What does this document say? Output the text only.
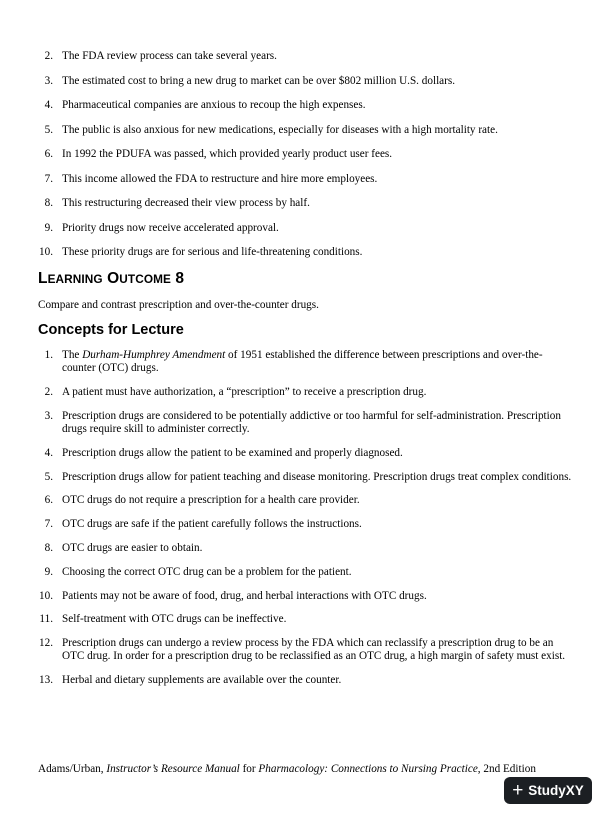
2. The FDA review process can take several years.
3. The estimated cost to bring a new drug to market can be over $802 million U.S. dollars.
4. Pharmaceutical companies are anxious to recoup the high expenses.
5. The public is also anxious for new medications, especially for diseases with a high mortality rate.
6. In 1992 the PDUFA was passed, which provided yearly product user fees.
7. This income allowed the FDA to restructure and hire more employees.
8. This restructuring decreased their view process by half.
9. Priority drugs now receive accelerated approval.
10. These priority drugs are for serious and life-threatening conditions.
LEARNING OUTCOME 8
Compare and contrast prescription and over-the-counter drugs.
Concepts for Lecture
1. The Durham-Humphrey Amendment of 1951 established the difference between prescriptions and over-the-counter (OTC) drugs.
2. A patient must have authorization, a “prescription” to receive a prescription drug.
3. Prescription drugs are considered to be potentially addictive or too harmful for self-administration. Prescription drugs require skill to administer correctly.
4. Prescription drugs allow the patient to be examined and properly diagnosed.
5. Prescription drugs allow for patient teaching and disease monitoring. Prescription drugs treat complex conditions.
6. OTC drugs do not require a prescription for a health care provider.
7. OTC drugs are safe if the patient carefully follows the instructions.
8. OTC drugs are easier to obtain.
9. Choosing the correct OTC drug can be a problem for the patient.
10. Patients may not be aware of food, drug, and herbal interactions with OTC drugs.
11. Self-treatment with OTC drugs can be ineffective.
12. Prescription drugs can undergo a review process by the FDA which can reclassify a prescription drug to be an OTC drug. In order for a prescription drug to be reclassified as an OTC drug, a high margin of safety must exist.
13. Herbal and dietary supplements are available over the counter.
Adams/Urban, Instructor’s Resource Manual for Pharmacology: Connections to Nursing Practice, 2nd Edition
+ StudyXY
